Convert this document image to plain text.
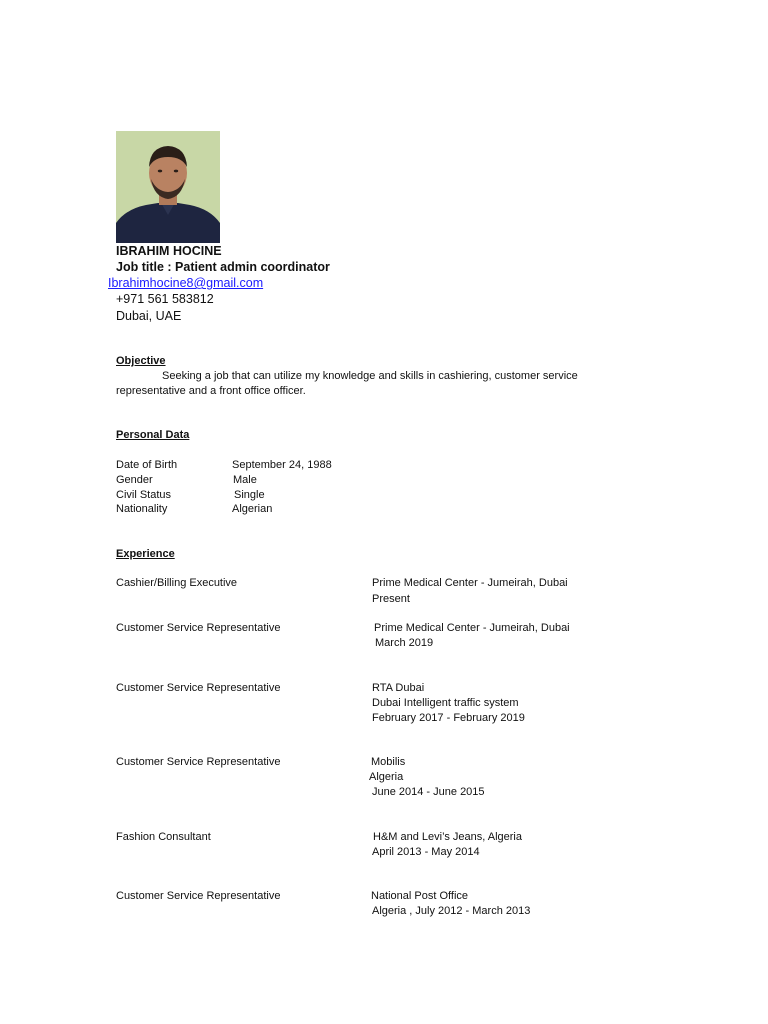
IBRAHIM HOCINE
Job title : Patient admin coordinator
Ibrahimhocine8@gmail.com
+971 561 583812
Dubai, UAE
Objective
Seeking a job that can utilize my knowledge and skills in cashiering, customer service
representative and a front office officer.
Personal Data
Date of Birth	September 24, 1988
Gender	Male
Civil Status	Single
Nationality	Algerian
Experience
Cashier/Billing Executive	Prime Medical Center - Jumeirah, Dubai
Present
Customer Service Representative	Prime Medical Center - Jumeirah, Dubai
March 2019
Customer Service Representative	RTA Dubai
Dubai Intelligent traffic system
February 2017 - February 2019
Customer Service Representative	Mobilis
Algeria
June 2014 - June 2015
Fashion Consultant	H&M and Levi’s Jeans, Algeria
April 2013 - May 2014
Customer Service Representative	National Post Office
Algeria , July 2012 - March 2013
